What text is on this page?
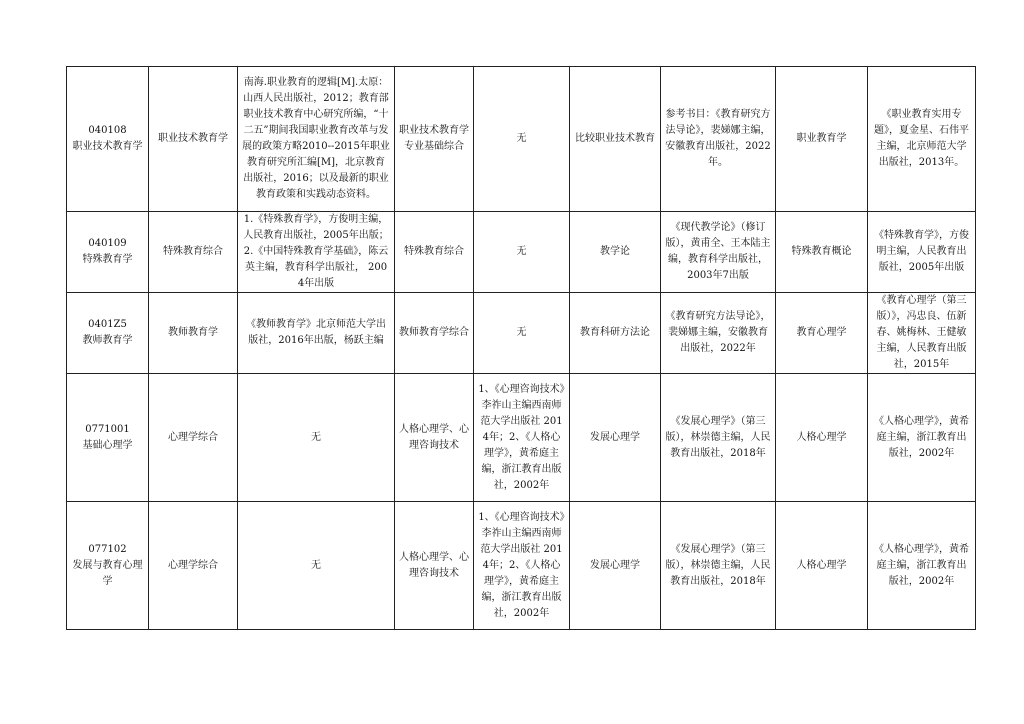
040108
职业技术教育学	职业技术教育学	南海.职业教育的逻辑[M].太原：山西人民出版社，2012；教育部职业技术教育中心研究所编，“十二五”期间我国职业教育改革与发展的政策方略2010--2015年职业教育研究所汇编[M]，北京教育出版社，2016；以及最新的职业教育政策和实践动态资料。	职业技术教育学专业基础综合	无	比较职业技术教育	参考书目：《教育研究方法导论》，裴娣娜主编，安徽教育出版社，2022年。	职业教育学	《职业教育实用专题》，夏金星、石伟平主编，北京师范大学出版社，2013年。

040109
特殊教育学	特殊教育综合	1.《特殊教育学》，方俊明主编，人民教育出版社，2005年出版；2.《中国特殊教育学基础》，陈云英主编，教育科学出版社， 2004年出版	特殊教育综合	无	教学论	《现代教学论》（修订版），黄甫全、王本陆主编，教育科学出版社， 2003年7出版	特殊教育概论	《特殊教育学》，方俊明主编，人民教育出版社，2005年出版

0401Z5
教师教育学	教师教育学	《教师教育学》北京师范大学出版社，2016年出版，杨跃主编	教师教育学综合	无	教育科研方法论	《教育研究方法导论》，裴娣娜主编，安徽教育出版社，2022年	教育心理学	《教育心理学（第三版）》，冯忠良、伍新春、姚梅林、王健敏主编，人民教育出版社，2015年

0771001
基础心理学	心理学综合	无	人格心理学、心理咨询技术	1、《心理咨询技术》李祚山主编西南师范大学出版社 2014年；2、《人格心理学》，黄希庭主编，浙江教育出版社，2002年	发展心理学	《发展心理学》（第三版），林崇德主编，人民教育出版社，2018年	人格心理学	《人格心理学》，黄希庭主编，浙江教育出版社，2002年

077102
发展与教育心理学	心理学综合	无	人格心理学、心理咨询技术	1、《心理咨询技术》李祚山主编西南师范大学出版社 2014年；2、《人格心理学》，黄希庭主编，浙江教育出版社，2002年	发展心理学	《发展心理学》（第三版），林崇德主编，人民教育出版社，2018年	人格心理学	《人格心理学》，黄希庭主编，浙江教育出版社，2002年
